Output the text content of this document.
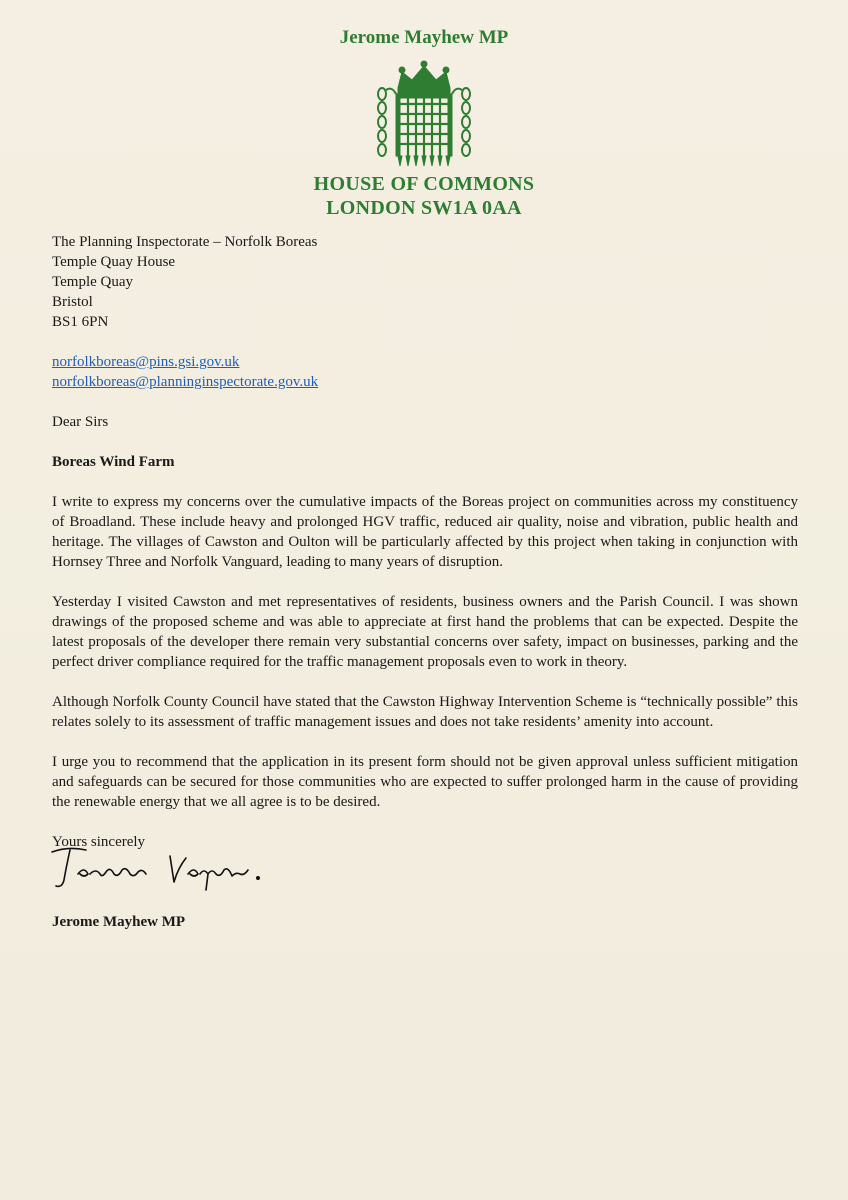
Jerome Mayhew MP
HOUSE OF COMMONS
LONDON SW1A 0AA
The Planning Inspectorate – Norfolk Boreas
Temple Quay House
Temple Quay
Bristol
BS1 6PN
norfolkboreas@pins.gsi.gov.uk
norfolkboreas@planninginspectorate.gov.uk
Dear Sirs
Boreas Wind Farm

I write to express my concerns over the cumulative impacts of the Boreas project on communities across my constituency of Broadland. These include heavy and prolonged HGV traffic, reduced air quality, noise and vibration, public health and heritage. The villages of Cawston and Oulton will be particularly affected by this project when taking in conjunction with Hornsey Three and Norfolk Vanguard, leading to many years of disruption.

Yesterday I visited Cawston and met representatives of residents, business owners and the Parish Council. I was shown drawings of the proposed scheme and was able to appreciate at first hand the problems that can be expected. Despite the latest proposals of the developer there remain very substantial concerns over safety, impact on businesses, parking and the perfect driver compliance required for the traffic management proposals even to work in theory.

Although Norfolk County Council have stated that the Cawston Highway Intervention Scheme is “technically possible” this relates solely to its assessment of traffic management issues and does not take residents’ amenity into account.

I urge you to recommend that the application in its present form should not be given approval unless sufficient mitigation and safeguards can be secured for those communities who are expected to suffer prolonged harm in the cause of providing the renewable energy that we all agree is to be desired.

Yours sincerely
Jerome Mayhew MP
